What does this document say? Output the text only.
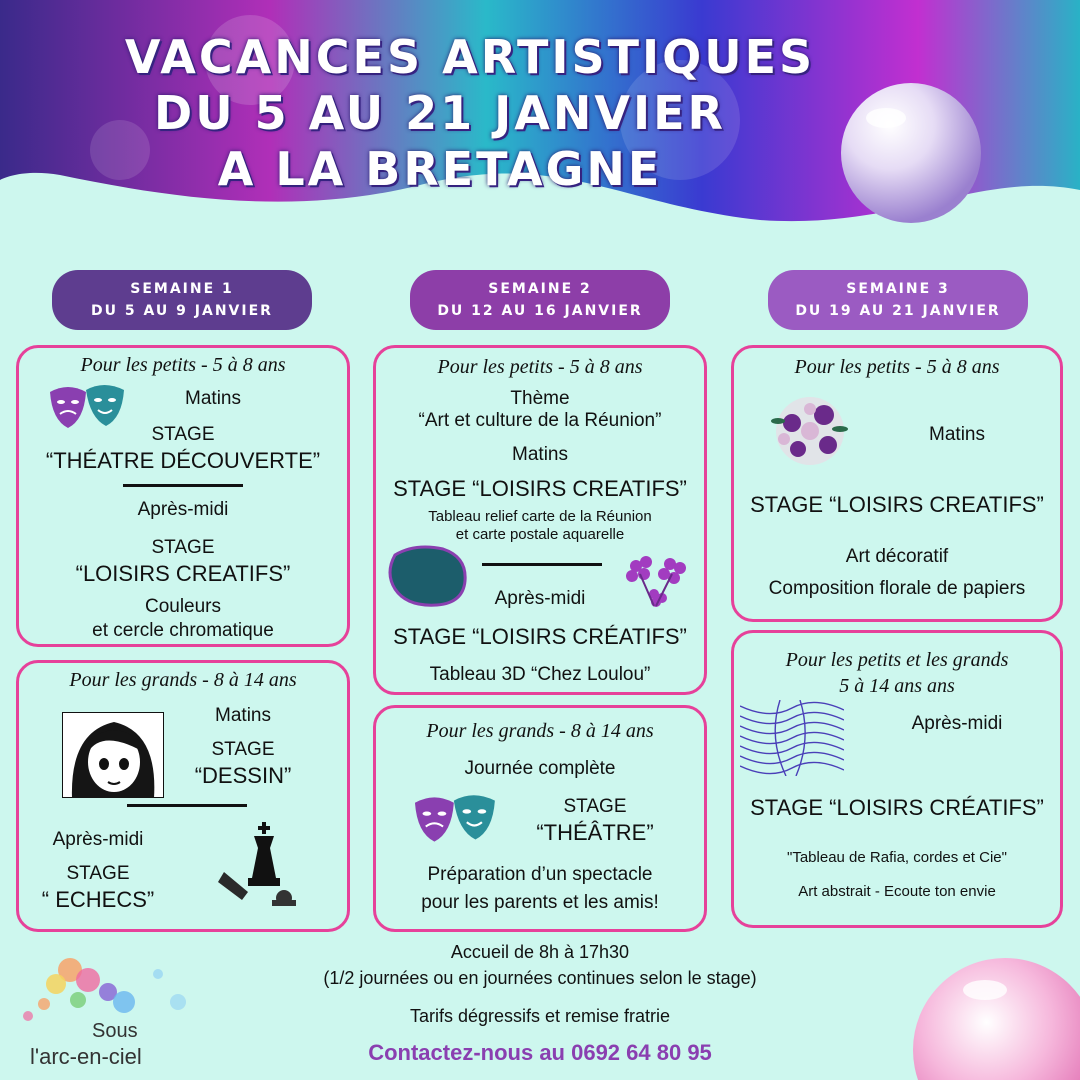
VACANCES ARTISTIQUES
DU 5 AU 21 JANVIER
A LA BRETAGNE
SEMAINE 1
DU 5 AU 9 JANVIER
SEMAINE 2
DU 12 AU 16 JANVIER
SEMAINE 3
DU 19 AU 21 JANVIER
Pour les petits - 5 à 8 ans
Matins
STAGE
“THÉATRE DÉCOUVERTE”
Après-midi
STAGE
“LOISIRS CREATIFS”
Couleurs
et cercle chromatique
Pour les grands - 8 à 14 ans
Matins
STAGE
“DESSIN”
Après-midi
STAGE
“ ECHECS”
Pour les petits - 5 à 8 ans
Thème
“Art et culture de la Réunion”
Matins
STAGE “LOISIRS CREATIFS”
Tableau relief carte de la Réunion
et carte postale aquarelle
Après-midi
STAGE “LOISIRS CRÉATIFS”
Tableau 3D “Chez Loulou”
Pour les grands - 8 à 14 ans
Journée complète
STAGE
“THÉÂTRE”
Préparation d’un spectacle
pour les parents et les amis!
Pour les petits - 5 à 8 ans
Matins
STAGE “LOISIRS CREATIFS”
Art décoratif
Composition florale de papiers
Pour les petits et les grands
5 à 14 ans ans
Après-midi
STAGE “LOISIRS CRÉATIFS”
"Tableau de Rafia, cordes et Cie"
Art abstrait - Ecoute ton envie
Accueil de 8h à 17h30
(1/2 journées ou en journées continues selon le stage)
Tarifs dégressifs et remise fratrie
Contactez-nous au 0692 64 80 95
Sous
l'arc-en-ciel
